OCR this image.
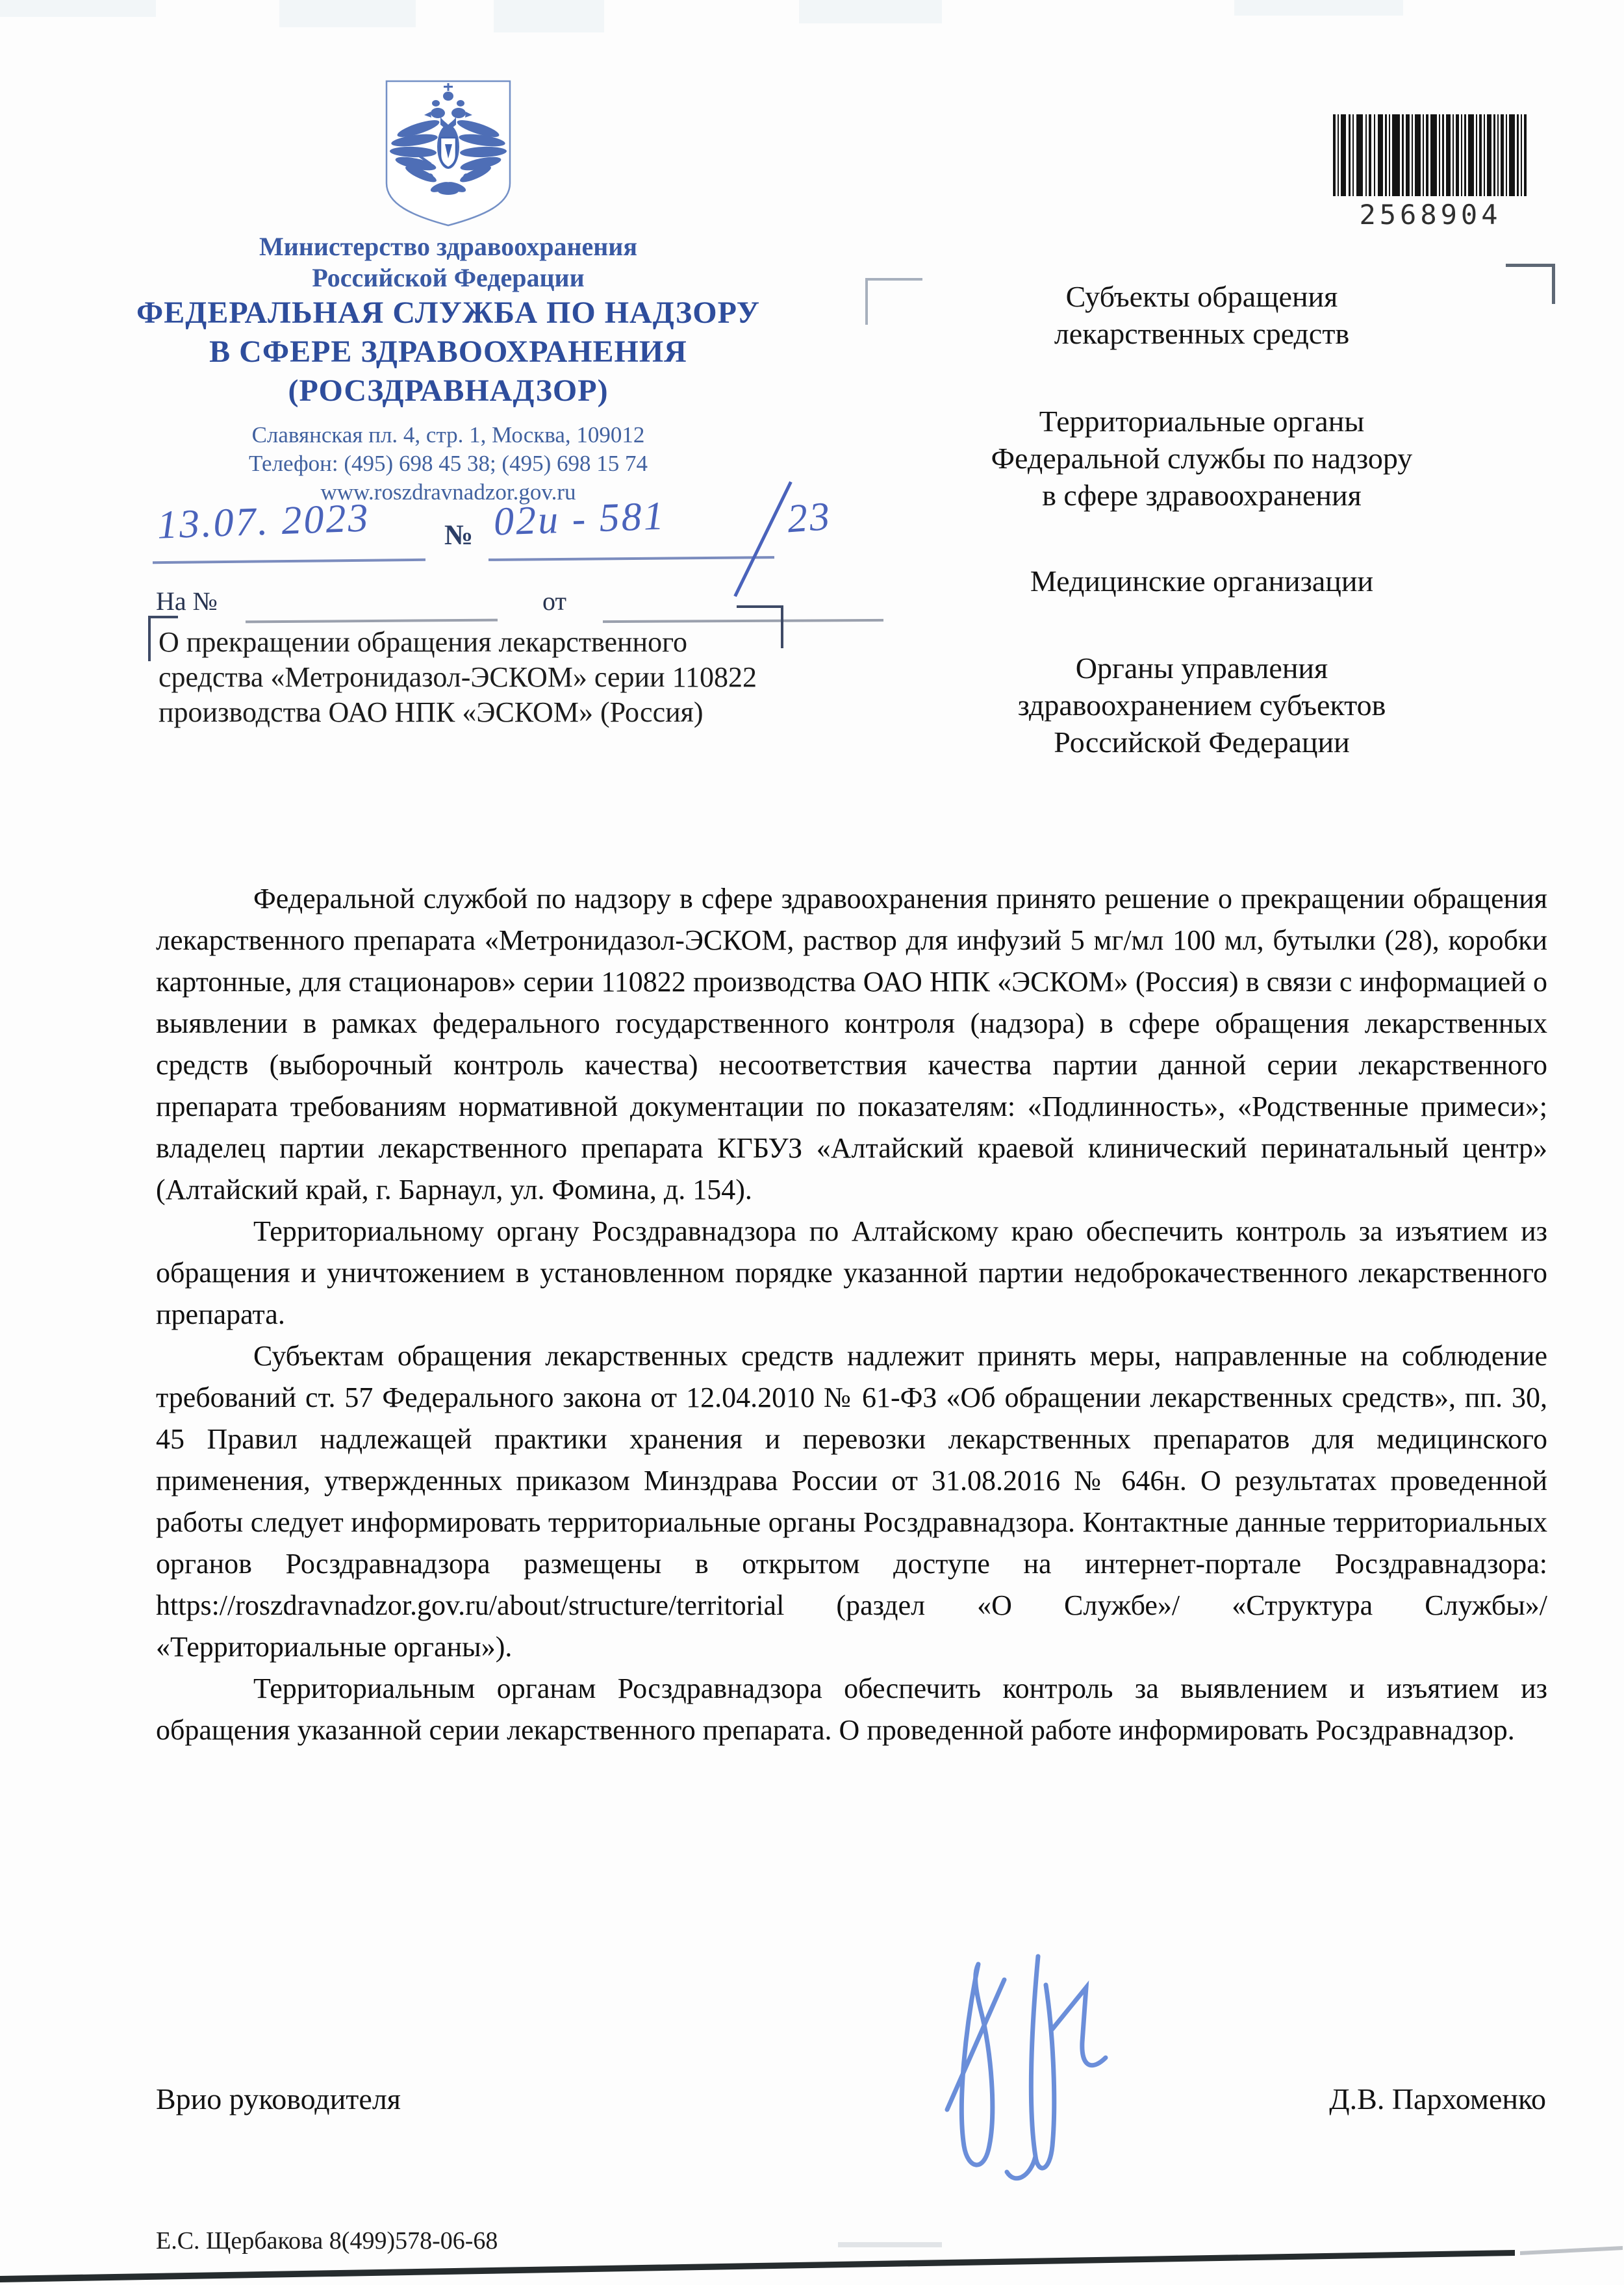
Министерство здравоохранения
Российской Федерации
ФЕДЕРАЛЬНАЯ СЛУЖБА ПО НАДЗОРУ
В СФЕРЕ ЗДРАВООХРАНЕНИЯ
(РОСЗДРАВНАДЗОР)
Славянская пл. 4, стр. 1, Москва, 109012
Телефон: (495) 698 45 38; (495) 698 15 74
www.roszdravnadzor.gov.ru
2568904
13.07. 2023	№ 02и - 581	23
На №	от
О прекращении обращения лекарственного
средства «Метронидазол-ЭСКОМ» серии 110822
производства ОАО НПК «ЭСКОМ» (Россия)
Субъекты обращения
лекарственных средств
Территориальные органы
Федеральной службы по надзору
в сфере здравоохранения
Медицинские организации
Органы управления
здравоохранением субъектов
Российской Федерации

Федеральной службой по надзору в сфере здравоохранения принято решение о прекращении обращения лекарственного препарата «Метронидазол-ЭСКОМ, раствор для инфузий 5 мг/мл 100 мл, бутылки (28), коробки картонные, для стационаров» серии 110822 производства ОАО НПК «ЭСКОМ» (Россия) в связи с информацией о выявлении в рамках федерального государственного контроля (надзора) в сфере обращения лекарственных средств (выборочный контроль качества) несоответствия качества партии данной серии лекарственного препарата требованиям нормативной документации по показателям: «Подлинность», «Родственные примеси»; владелец партии лекарственного препарата КГБУЗ «Алтайский краевой клинический перинатальный центр» (Алтайский край, г. Барнаул, ул. Фомина, д. 154).

Территориальному органу Росздравнадзора по Алтайскому краю обеспечить контроль за изъятием из обращения и уничтожением в установленном порядке указанной партии недоброкачественного лекарственного препарата.

Субъектам обращения лекарственных средств надлежит принять меры, направленные на соблюдение требований ст. 57 Федерального закона от 12.04.2010 № 61-ФЗ «Об обращении лекарственных средств», пп. 30, 45 Правил надлежащей практики хранения и перевозки лекарственных препаратов для медицинского применения, утвержденных приказом Минздрава России от 31.08.2016 № 646н. О результатах проведенной работы следует информировать территориальные органы Росздравнадзора. Контактные данные территориальных органов Росздравнадзора размещены в открытом доступе на интернет-портале Росздравнадзора: https://roszdravnadzor.gov.ru/about/structure/territorial (раздел «О Службе»/ «Структура Службы»/ «Территориальные органы»).

Территориальным органам Росздравнадзора обеспечить контроль за выявлением и изъятием из обращения указанной серии лекарственного препарата. О проведенной работе информировать Росздравнадзор.

Врио руководителя	Д.В. Пархоменко
Е.С. Щербакова 8(499)578-06-68
